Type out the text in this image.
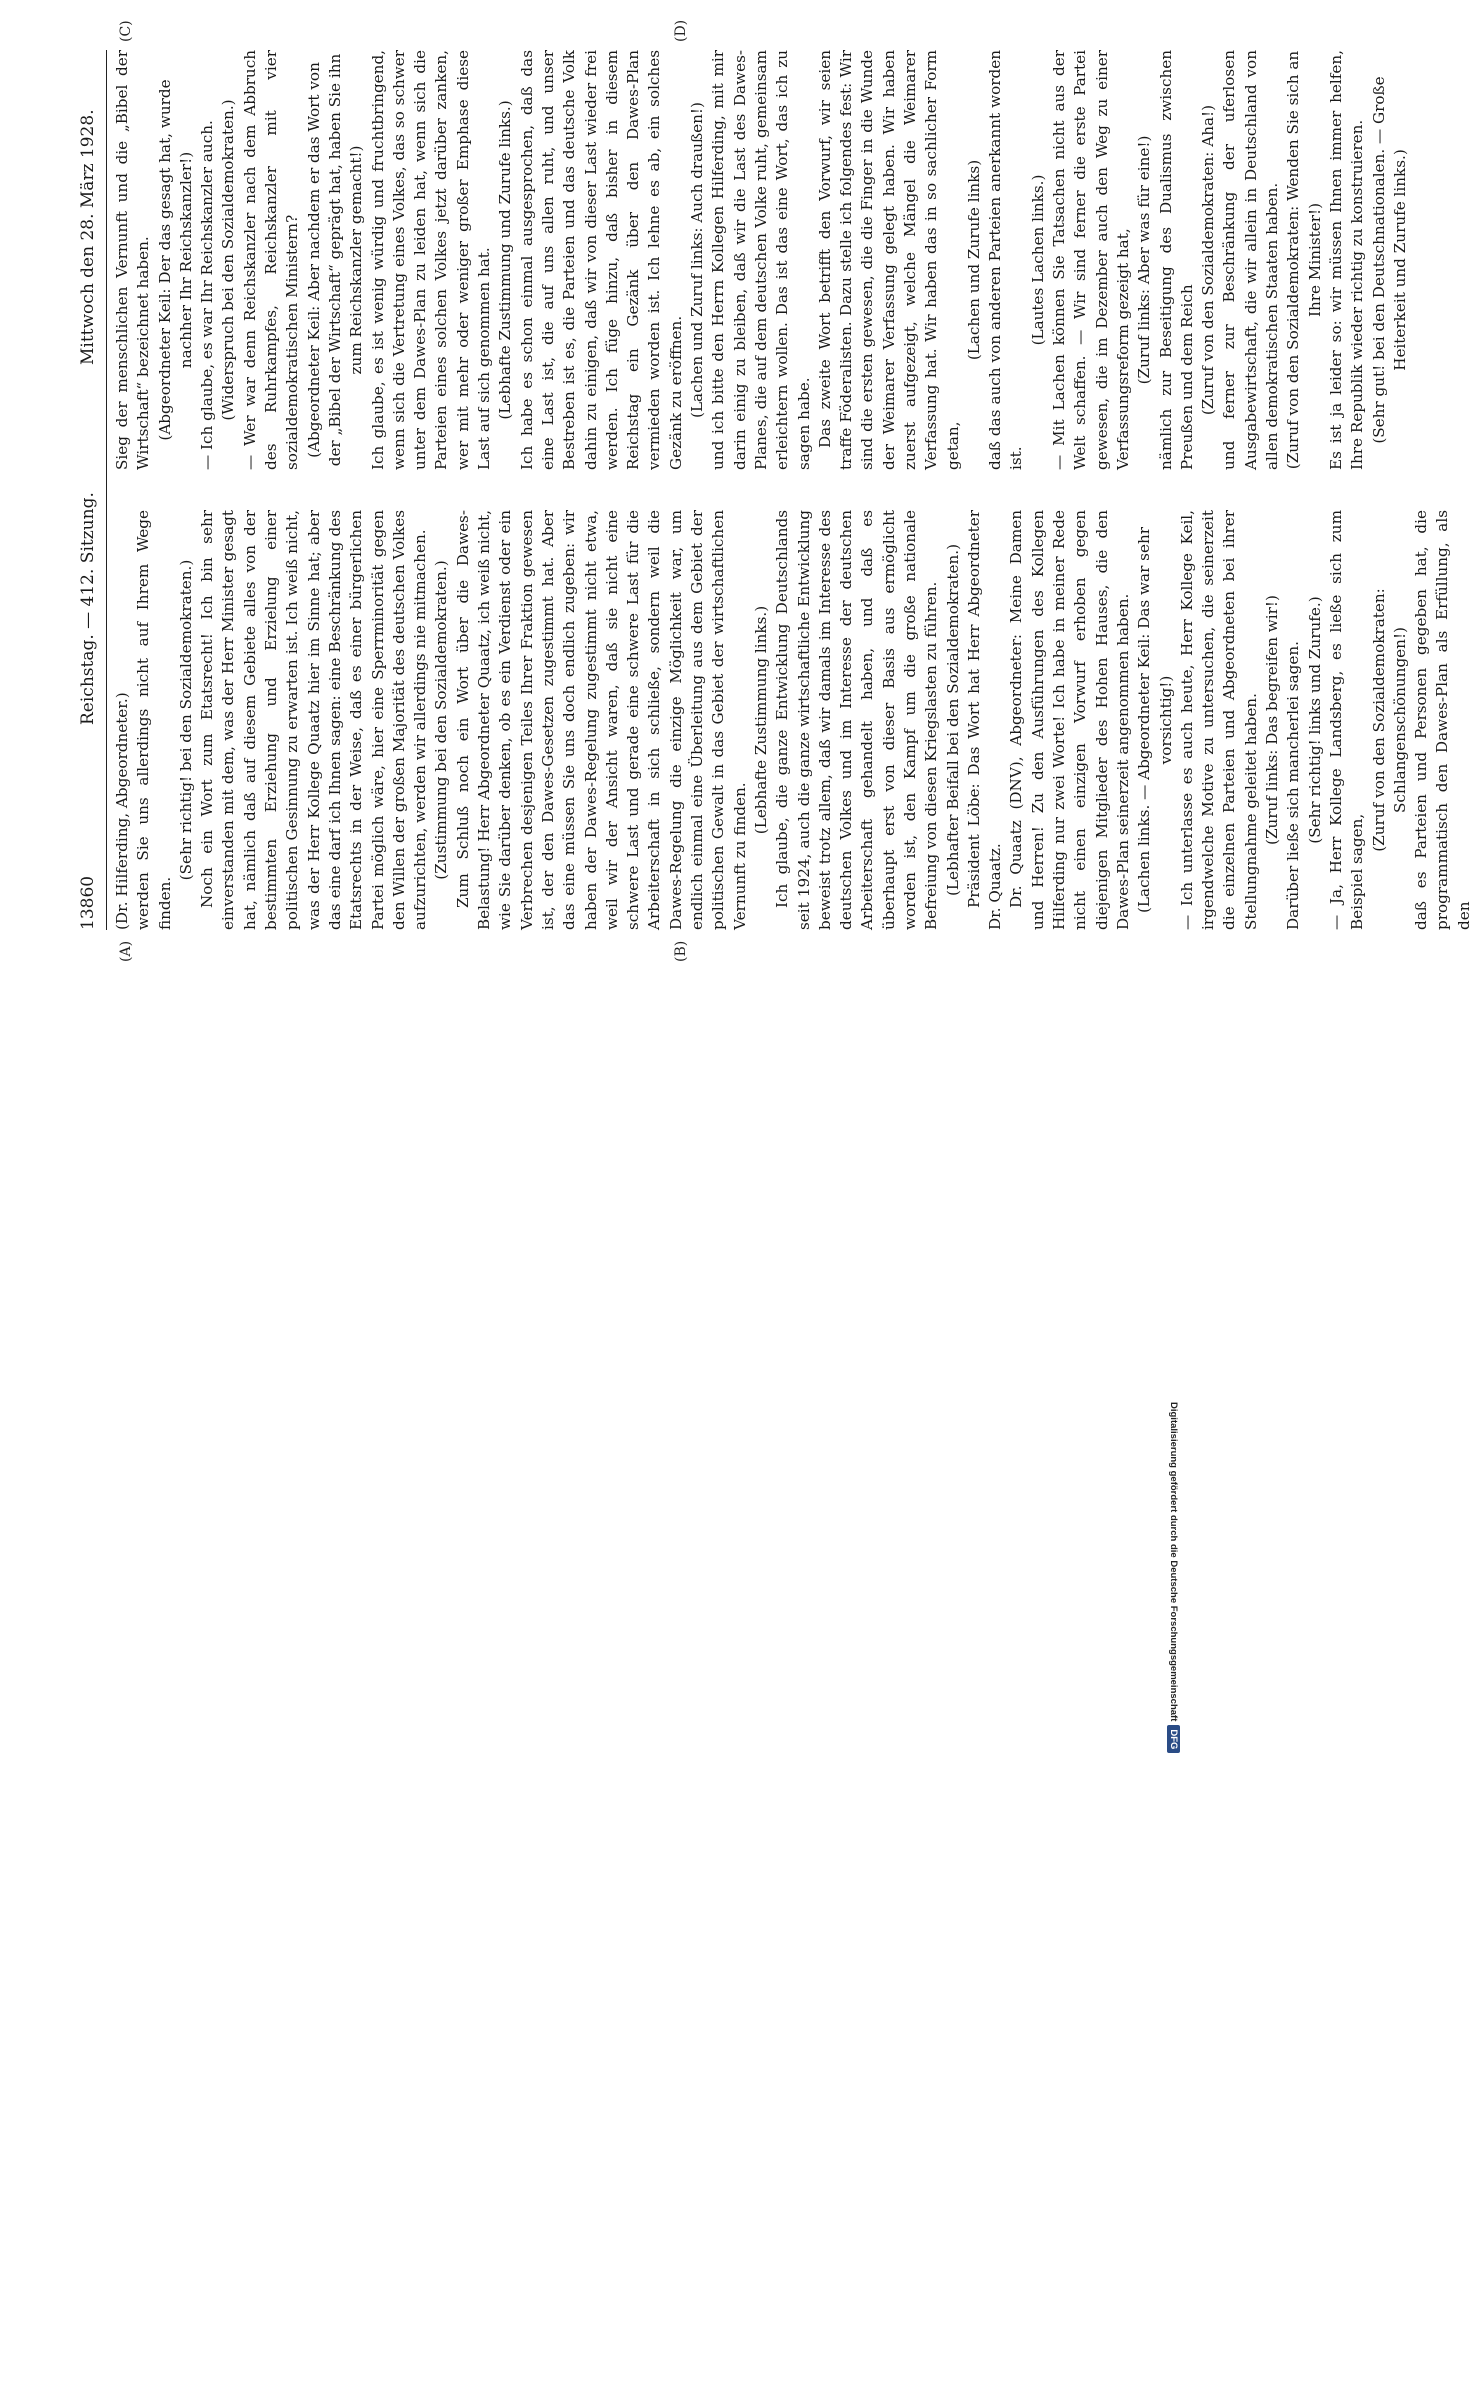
13860
Reichstag. — 412. Sitzung.
Mittwoch den 28. März 1928.

(Dr. Hilferding, Abgeordneter.) werden Sie uns allerdings nicht auf Ihrem Wege finden.

(Sehr richtig! bei den Sozialdemokraten.) Noch ein Wort zum Etatsrecht! Ich bin sehr einverstanden mit dem, was der Herr Minister gesagt hat, nämlich daß auf diesem Gebiete alles von der bestimmten Erziehung und Erzielung einer politischen Gesinnung zu erwarten ist. Ich weiß nicht, was der Herr Kollege Quaatz hier im Sinne hat; aber das eine darf ich Ihnen sagen: eine Beschränkung des Etatsrechts in der Weise, daß es einer bürgerlichen Partei möglich wäre, hier eine Sperrminorität gegen den Willen der großen Majorität des deutschen Volkes aufzurichten, werden wir allerdings nie mitmachen. (Zustimmung bei den Sozialdemokraten.) Zum Schluß noch ein Wort über die Dawes-Belastung! Herr Abgeordneter Quaatz, ich weiß nicht, wie Sie darüber denken, ob es ein Verdienst oder ein Verbrechen desjenigen Teiles Ihrer Fraktion gewesen ist, der den Dawes-Gesetzen zugestimmt hat. Aber das eine müssen Sie uns doch endlich zugeben: wir haben der Dawes-Regelung zugestimmt nicht etwa, weil wir der Ansicht waren, daß sie nicht eine schwere Last und gerade eine schwere Last für die Arbeiterschaft in sich schließe, sondern weil die Dawes-Regelung die einzige Möglichkeit war, um endlich einmal eine Überleitung aus dem Gebiet der politischen Gewalt in das Gebiet der wirtschaftlichen Vernunft zu finden.

(Lebhafte Zustimmung links.) Ich glaube, die ganze Entwicklung Deutschlands seit 1924, auch die ganze wirtschaftliche Entwicklung beweist trotz allem, daß wir damals im Interesse des deutschen Volkes und im Interesse der deutschen Arbeiterschaft gehandelt haben, und daß es überhaupt erst von dieser Basis aus ermöglicht worden ist, den Kampf um die große nationale Befreiung von diesen Kriegslasten zu führen. (Lebhafter Beifall bei den Sozialdemokraten.) Präsident Löbe: Das Wort hat Herr Abgeordneter Dr. Quaatz. Dr. Quaatz (DNV), Abgeordneter: Meine Damen und Herren! Zu den Ausführungen des Kollegen Hilferding nur zwei Worte! Ich habe in meiner Rede nicht einen einzigen Vorwurf erhoben gegen diejenigen Mitglieder des Hohen Hauses, die den Dawes-Plan seinerzeit angenommen haben. (Lachen links. — Abgeordneter Keil: Das war sehr vorsichtig!) — Ich unterlasse es auch heute, Herr Kollege Keil, irgendwelche Motive zu untersuchen, die seinerzeit die einzelnen Parteien und Abgeordneten bei ihrer Stellungnahme geleitet haben. (Zuruf links: Das begreifen wir!) Darüber ließe sich mancherlei sagen. (Sehr richtig! links und Zurufe.) — Ja, Herr Kollege Landsberg, es ließe sich zum Beispiel sagen,

(Zuruf von den Sozialdemokraten: Schlangenschönungen!) daß es Parteien und Personen gegeben hat, die programmatisch den Dawes-Plan als Erfüllung, als den

Sieg der menschlichen Vernunft und die „Bibel der Wirtschaft“ bezeichnet haben. (Abgeordneter Keil: Der das gesagt hat, wurde nachher Ihr Reichskanzler!) — Ich glaube, es war Ihr Reichskanzler auch. (Widerspruch bei den Sozialdemokraten.) — Wer war denn Reichskanzler nach dem Abbruch des Ruhrkampfes, Reichskanzler mit vier sozialdemokratischen Ministern? (Abgeordneter Keil: Aber nachdem er das Wort von der „Bibel der Wirtschaft“ geprägt hat, haben Sie ihn zum Reichskanzler gemacht!) Ich glaube, es ist wenig würdig und fruchtbringend, wenn sich die Vertretung eines Volkes, das so schwer unter dem Dawes-Plan zu leiden hat, wenn sich die Parteien eines solchen Volkes jetzt darüber zanken, wer mit mehr oder weniger großer Emphase diese Last auf sich genommen hat. (Lebhafte Zustimmung und Zurufe links.) Ich habe es schon einmal ausgesprochen, daß das eine Last ist, die auf uns allen ruht, und unser Bestreben ist es, die Parteien und das deutsche Volk dahin zu einigen, daß wir von dieser Last wieder frei werden. Ich füge hinzu, daß bisher in diesem Reichstag ein Gezänk über den Dawes-Plan vermieden worden ist. Ich lehne es ab, ein solches Gezänk zu eröffnen. (Lachen und Zuruf links: Auch draußen!) und ich bitte den Herrn Kollegen Hilferding, mit mir darin einig zu bleiben, daß wir die Last des Dawes-Planes, die auf dem deutschen Volke ruht, gemeinsam erleichtern wollen. Das ist das eine Wort, das ich zu sagen habe. Das zweite Wort betrifft den Vorwurf, wir seien traffe Föderalisten. Dazu stelle ich folgendes fest: Wir sind die ersten gewesen, die die Finger in die Wunde der Weimarer Verfassung gelegt haben. Wir haben zuerst aufgezeigt, welche Mängel die Weimarer Verfassung hat. Wir haben das in so sachlicher Form getan,

(Lachen und Zurufe links) daß das auch von anderen Parteien anerkannt worden ist.

(Lautes Lachen links.) — Mit Lachen können Sie Tatsachen nicht aus der Welt schaffen. — Wir sind ferner die erste Partei gewesen, die im Dezember auch den Weg zu einer Verfassungsreform gezeigt hat, (Zuruf links: Aber was für eine!) nämlich zur Beseitigung des Dualismus zwischen Preußen und dem Reich (Zuruf von den Sozialdemokraten: Aha!) und ferner zur Beschränkung der uferlosen Ausgabewirtschaft, die wir allein in Deutschland von allen demokratischen Staaten haben. (Zuruf von den Sozialdemokraten: Wenden Sie sich an Ihre Minister!) Es ist ja leider so: wir müssen Ihnen immer helfen, Ihre Republik wieder richtig zu konstruieren. (Sehr gut! bei den Deutschnationalen. — Große Heiterkeit und Zurufe links.)

(A)	(B)
(C)	(D)
Digitalisierung gefördert durch die Deutsche ForschungsgemeinschaftDFG
